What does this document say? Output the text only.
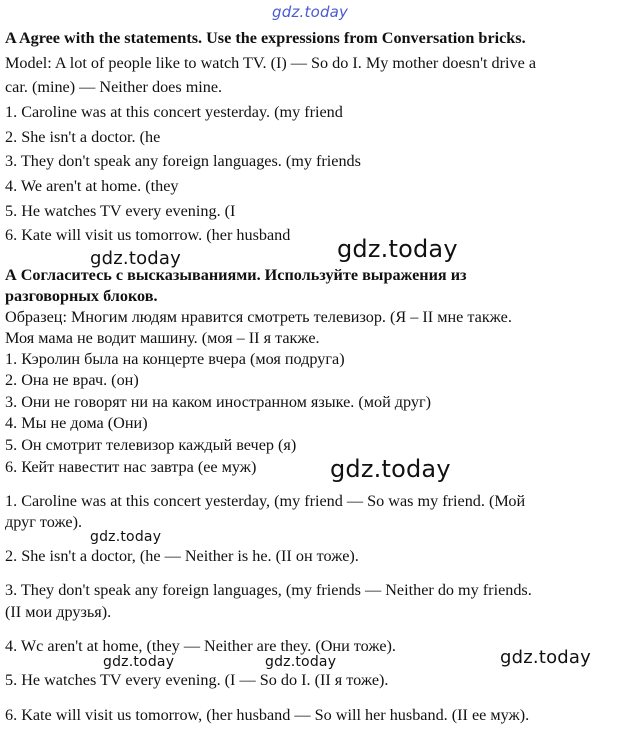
gdz.today
gdz.today
gdz.today
gdz.today
gdz.today
gdz.today	gdz.today	gdz.today

A Agree with the statements. Use the expressions from Conversation bricks.

Model: A lot of people like to watch TV. (I) — So do I. My mother doesn't drive a

car. (mine) — Neither does mine.

1. Caroline was at this concert yesterday. (my friend

2. She isn't a doctor. (he

3. They don't speak any foreign languages. (my friends

4. We aren't at home. (they

5. He watches TV every evening. (I

6. Kate will visit us tomorrow. (her husband

А Согласитесь с высказываниями. Используйте выражения из

разговорных блоков.

Образец: Многим людям нравится смотреть телевизор. (Я – II мне также.

Моя мама не водит машину. (моя – II я также.

1. Кэролин была на концерте вчера (моя подруга)

2. Она не врач. (он)

3. Они не говорят ни на каком иностранном языке. (мой друг)

4. Мы не дома (Они)

5. Он смотрит телевизор каждый вечер (я)

6. Кейт навестит нас завтра (ее муж)

1. Caroline was at this concert yesterday, (my friend — So was my friend. (Мой

друг тоже).

2. She isn't a doctor, (he — Neither is he. (II он тоже).

3. They don't speak any foreign languages, (my friends — Neither do my friends.

(II мои друзья).

4. Wc aren't at home, (they — Neither are they. (Они тоже).

5. He watches TV every evening. (I — So do I. (II я тоже).

6. Kate will visit us tomorrow, (her husband — So will her husband. (II ее муж).
